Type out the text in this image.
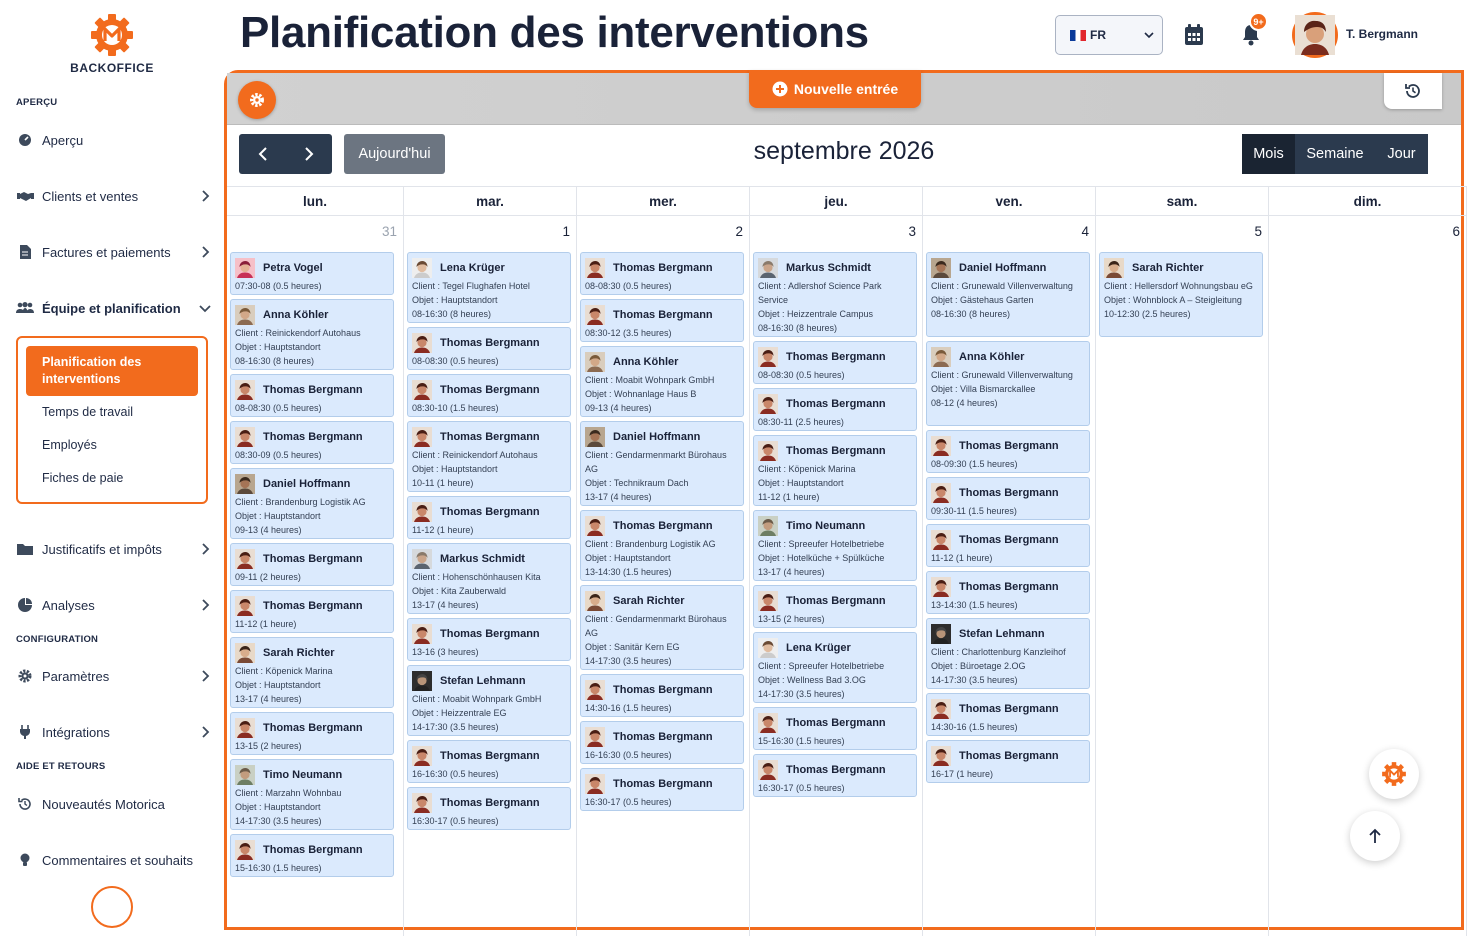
BACKOFFICE
APERÇU
Aperçu
Clients et ventes
Factures et paiements
Équipe et planification
Planification des interventions
Temps de travail
Employés
Fiches de paie
Justificatifs et impôts
Analyses
CONFIGURATION
Paramètres
Intégrations
AIDE ET RETOURS
Nouveautés Motorica
Commentaires et souhaits
Planification des interventions	FR
9+
T. Bergmann
Nouvelle entrée
Aujourd'hui	septembre 2026	Mois	Semaine	Jour
lun.
31
Petra Vogel
07:30-08 (0.5 heures)
Anna Köhler
Client : Reinickendorf Autohaus
Objet : Hauptstandort
08-16:30 (8 heures)
Thomas Bergmann
08-08:30 (0.5 heures)
Thomas Bergmann
08:30-09 (0.5 heures)
Daniel Hoffmann
Client : Brandenburg Logistik AG
Objet : Hauptstandort
09-13 (4 heures)
Thomas Bergmann
09-11 (2 heures)
Thomas Bergmann
11-12 (1 heure)
Sarah Richter
Client : Köpenick Marina
Objet : Hauptstandort
13-17 (4 heures)
Thomas Bergmann
13-15 (2 heures)
Timo Neumann
Client : Marzahn Wohnbau
Objet : Hauptstandort
14-17:30 (3.5 heures)
Thomas Bergmann
15-16:30 (1.5 heures)
mar.
1
Lena Krüger
Client : Tegel Flughafen Hotel
Objet : Hauptstandort
08-16:30 (8 heures)
Thomas Bergmann
08-08:30 (0.5 heures)
Thomas Bergmann
08:30-10 (1.5 heures)
Thomas Bergmann
Client : Reinickendorf Autohaus
Objet : Hauptstandort
10-11 (1 heure)
Thomas Bergmann
11-12 (1 heure)
Markus Schmidt
Client : Hohenschönhausen Kita
Objet : Kita Zauberwald
13-17 (4 heures)
Thomas Bergmann
13-16 (3 heures)
Stefan Lehmann
Client : Moabit Wohnpark GmbH
Objet : Heizzentrale EG
14-17:30 (3.5 heures)
Thomas Bergmann
16-16:30 (0.5 heures)
Thomas Bergmann
16:30-17 (0.5 heures)
mer.
2
Thomas Bergmann
08-08:30 (0.5 heures)
Thomas Bergmann
08:30-12 (3.5 heures)
Anna Köhler
Client : Moabit Wohnpark GmbH
Objet : Wohnanlage Haus B
09-13 (4 heures)
Daniel Hoffmann
Client : Gendarmenmarkt Bürohaus AG
Objet : Technikraum Dach
13-17 (4 heures)
Thomas Bergmann
Client : Brandenburg Logistik AG
Objet : Hauptstandort
13-14:30 (1.5 heures)
Sarah Richter
Client : Gendarmenmarkt Bürohaus AG
Objet : Sanitär Kern EG
14-17:30 (3.5 heures)
Thomas Bergmann
14:30-16 (1.5 heures)
Thomas Bergmann
16-16:30 (0.5 heures)
Thomas Bergmann
16:30-17 (0.5 heures)
jeu.
3
Markus Schmidt
Client : Adlershof Science Park Service
Objet : Heizzentrale Campus
08-16:30 (8 heures)
Thomas Bergmann
08-08:30 (0.5 heures)
Thomas Bergmann
08:30-11 (2.5 heures)
Thomas Bergmann
Client : Köpenick Marina
Objet : Hauptstandort
11-12 (1 heure)
Timo Neumann
Client : Spreeufer Hotelbetriebe
Objet : Hotelküche + Spülküche
13-17 (4 heures)
Thomas Bergmann
13-15 (2 heures)
Lena Krüger
Client : Spreeufer Hotelbetriebe
Objet : Wellness Bad 3.OG
14-17:30 (3.5 heures)
Thomas Bergmann
15-16:30 (1.5 heures)
Thomas Bergmann
16:30-17 (0.5 heures)
ven.
4
Daniel Hoffmann
Client : Grunewald Villenverwaltung
Objet : Gästehaus Garten
08-16:30 (8 heures)
Anna Köhler
Client : Grunewald Villenverwaltung
Objet : Villa Bismarckallee
08-12 (4 heures)
Thomas Bergmann
08-09:30 (1.5 heures)
Thomas Bergmann
09:30-11 (1.5 heures)
Thomas Bergmann
11-12 (1 heure)
Thomas Bergmann
13-14:30 (1.5 heures)
Stefan Lehmann
Client : Charlottenburg Kanzleihof
Objet : Büroetage 2.OG
14-17:30 (3.5 heures)
Thomas Bergmann
14:30-16 (1.5 heures)
Thomas Bergmann
16-17 (1 heure)
sam.
5
Sarah Richter
Client : Hellersdorf Wohnungsbau eG
Objet : Wohnblock A – Steigleitung
10-12:30 (2.5 heures)
dim.
6
